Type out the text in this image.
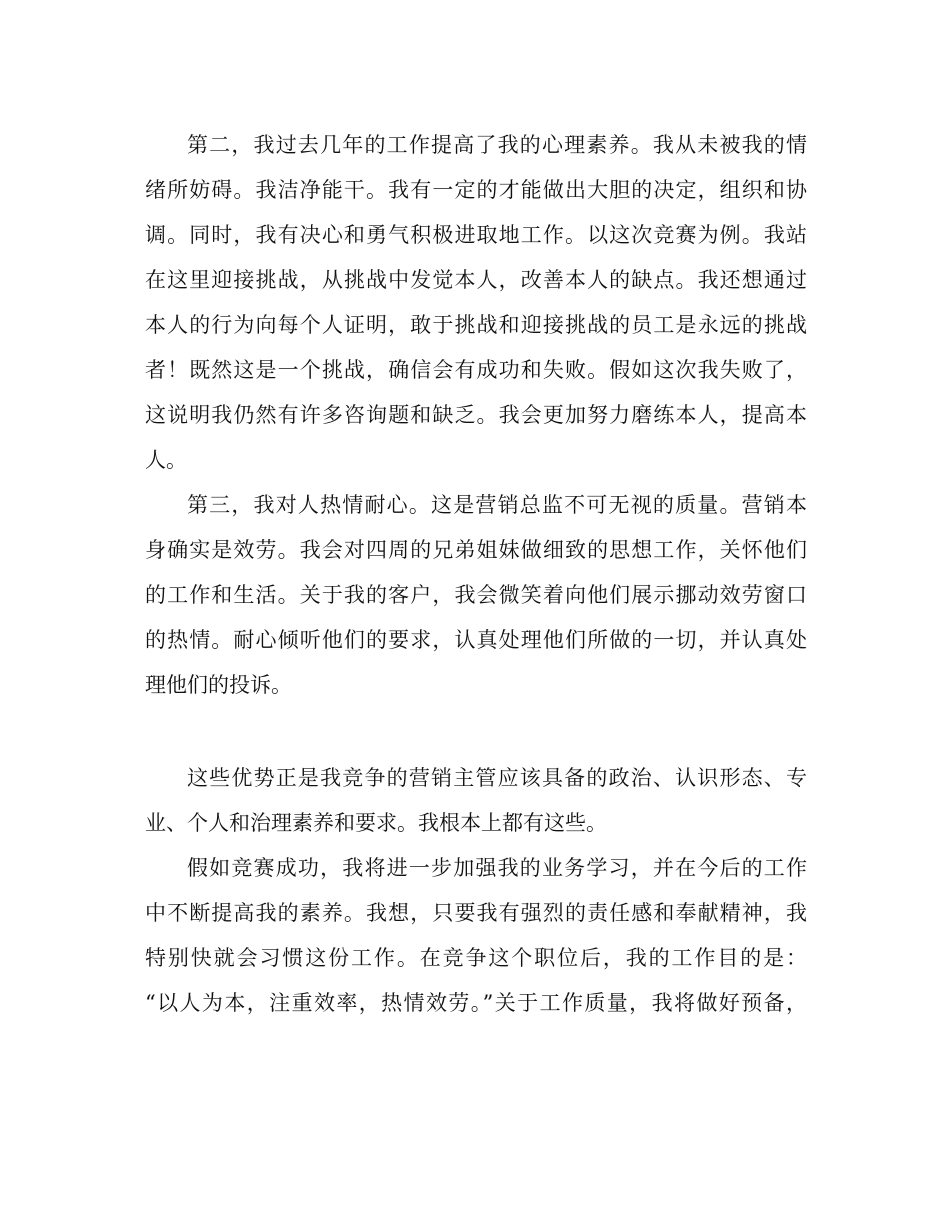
第二，我过去几年的工作提高了我的心理素养。我从未被我的情
绪所妨碍。我洁净能干。我有一定的才能做出大胆的决定，组织和协
调。同时，我有决心和勇气积极进取地工作。以这次竞赛为例。我站
在这里迎接挑战，从挑战中发觉本人，改善本人的缺点。我还想通过
本人的行为向每个人证明，敢于挑战和迎接挑战的员工是永远的挑战
者！既然这是一个挑战，确信会有成功和失败。假如这次我失败了，
这说明我仍然有许多咨询题和缺乏。我会更加努力磨练本人，提高本
人。
第三，我对人热情耐心。这是营销总监不可无视的质量。营销本
身确实是效劳。我会对四周的兄弟姐妹做细致的思想工作，关怀他们
的工作和生活。关于我的客户，我会微笑着向他们展示挪动效劳窗口
的热情。耐心倾听他们的要求，认真处理他们所做的一切，并认真处
理他们的投诉。
这些优势正是我竞争的营销主管应该具备的政治、认识形态、专
业、个人和治理素养和要求。我根本上都有这些。
假如竞赛成功，我将进一步加强我的业务学习，并在今后的工作
中不断提高我的素养。我想，只要我有强烈的责任感和奉献精神，我
特别快就会习惯这份工作。在竞争这个职位后，我的工作目的是：
“以人为本，注重效率，热情效劳。”关于工作质量，我将做好预备，
